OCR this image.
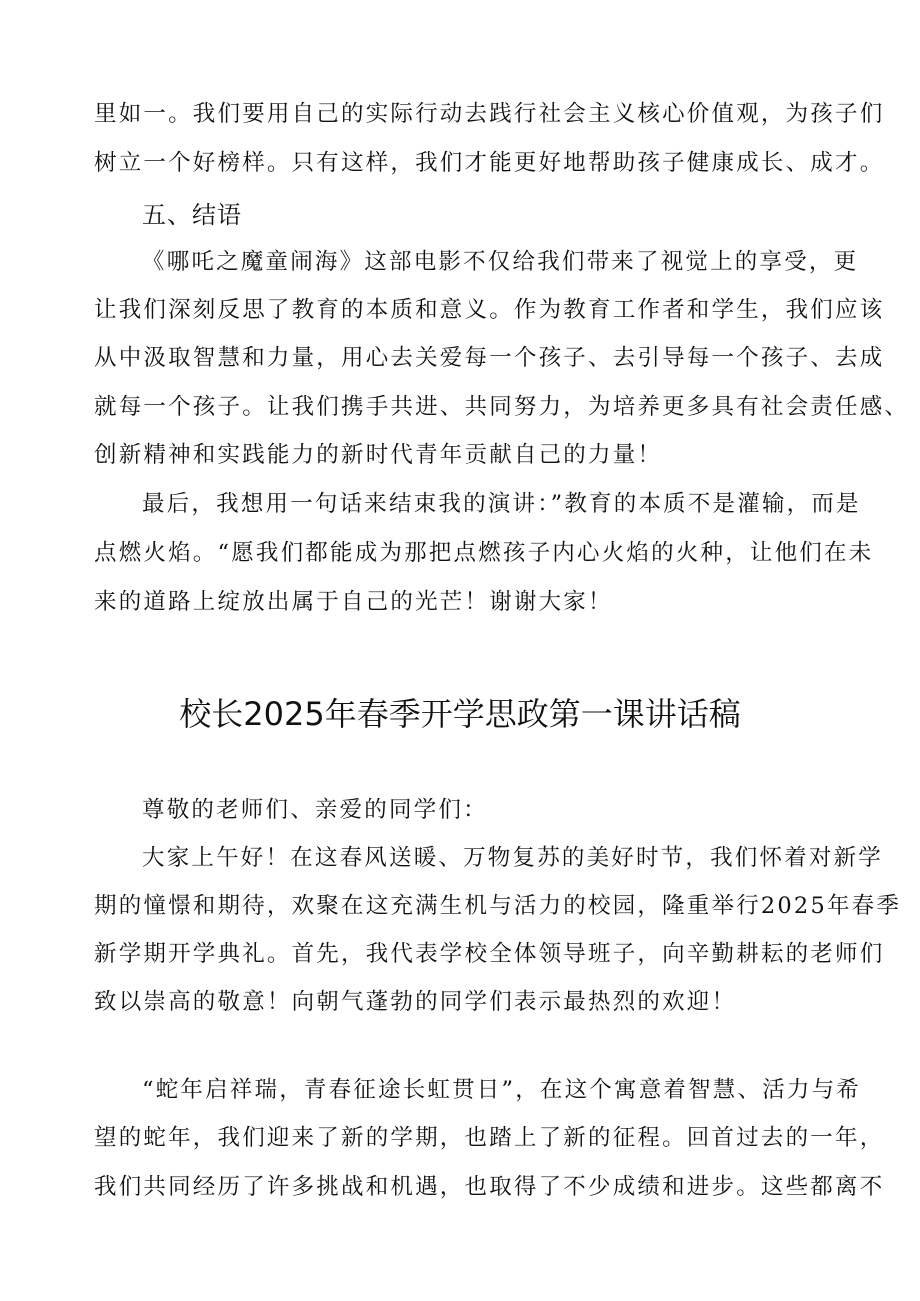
里如一。我们要用自己的实际行动去践行社会主义核心价值观，为孩子们
树立一个好榜样。只有这样，我们才能更好地帮助孩子健康成长、成才。
五、结语
《哪吒之魔童闹海》这部电影不仅给我们带来了视觉上的享受，更
让我们深刻反思了教育的本质和意义。作为教育工作者和学生，我们应该
从中汲取智慧和力量，用心去关爱每一个孩子、去引导每一个孩子、去成
就每一个孩子。让我们携手共进、共同努力，为培养更多具有社会责任感、
创新精神和实践能力的新时代青年贡献自己的力量！
最后，我想用一句话来结束我的演讲：”教育的本质不是灌输，而是
点燃火焰。“愿我们都能成为那把点燃孩子内心火焰的火种，让他们在未
来的道路上绽放出属于自己的光芒！谢谢大家！
校长2025年春季开学思政第一课讲话稿
尊敬的老师们、亲爱的同学们：
大家上午好！在这春风送暖、万物复苏的美好时节，我们怀着对新学
期的憧憬和期待，欢聚在这充满生机与活力的校园，隆重举行2025年春季
新学期开学典礼。首先，我代表学校全体领导班子，向辛勤耕耘的老师们
致以崇高的敬意！向朝气蓬勃的同学们表示最热烈的欢迎！
“蛇年启祥瑞，青春征途长虹贯日”，在这个寓意着智慧、活力与希
望的蛇年，我们迎来了新的学期，也踏上了新的征程。回首过去的一年，
我们共同经历了许多挑战和机遇，也取得了不少成绩和进步。这些都离不
